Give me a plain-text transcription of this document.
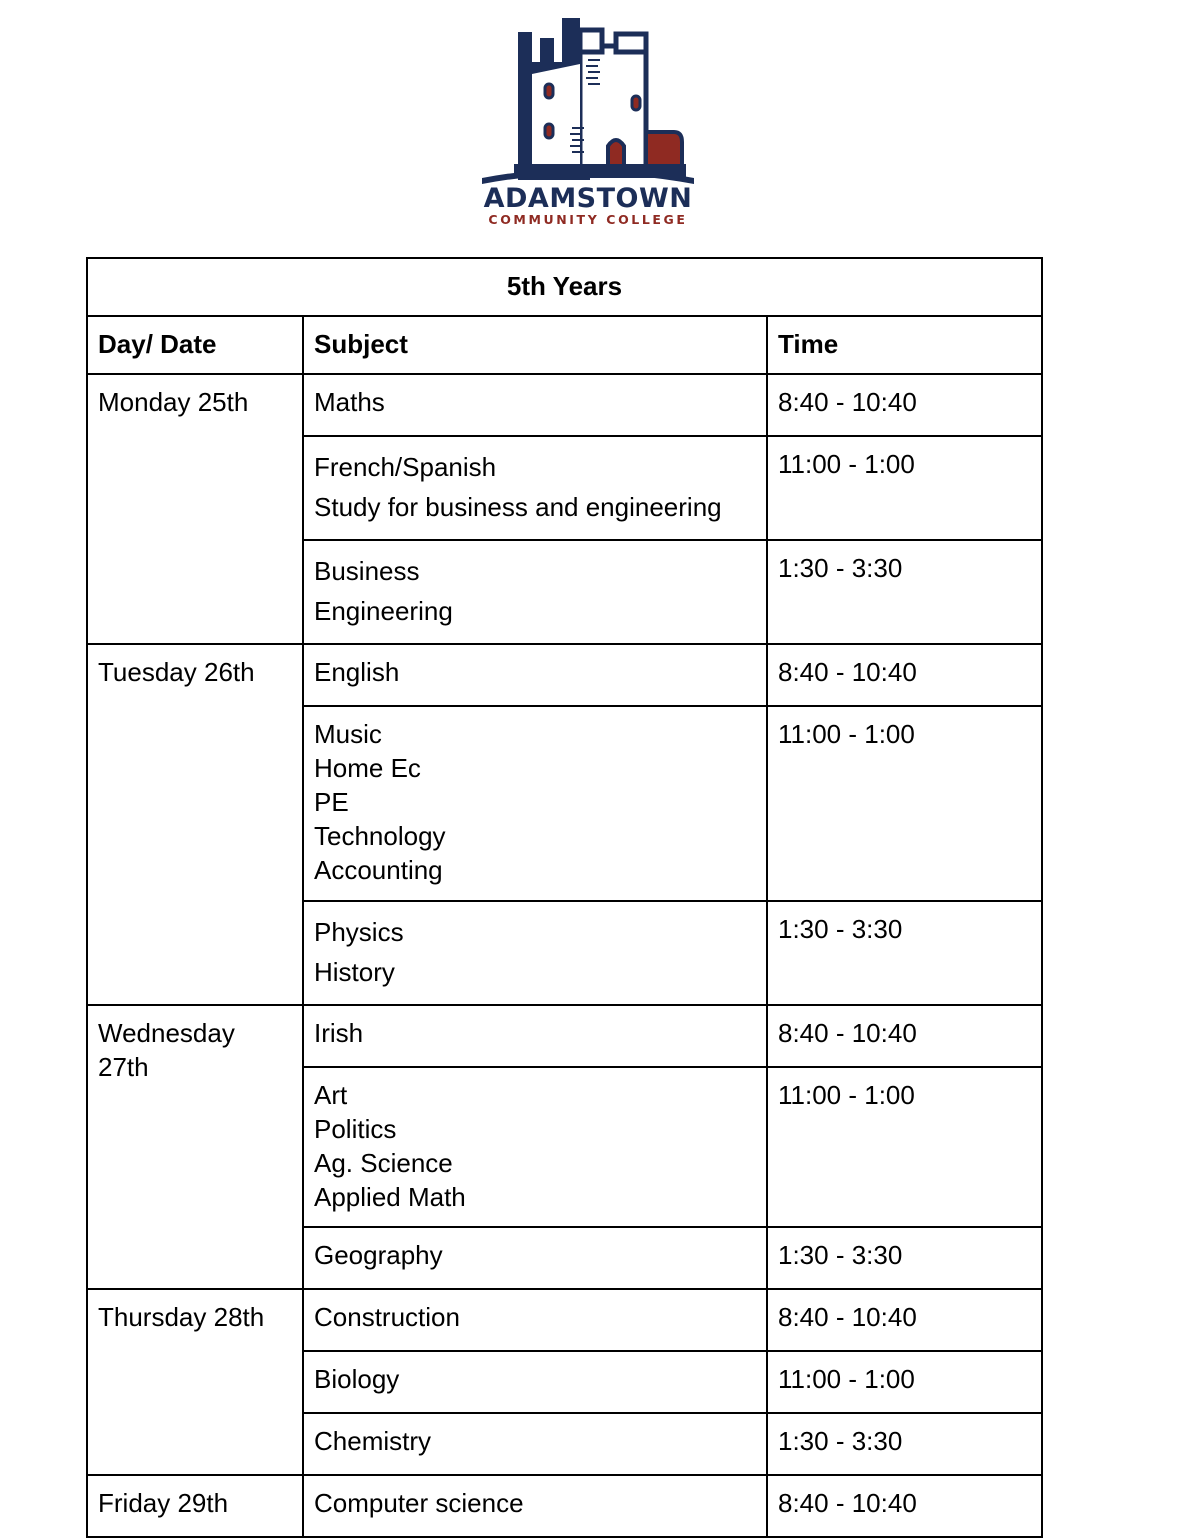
ADAMSTOWN
COMMUNITY COLLEGE
5th Years		
Day/ Date	Subject	Time
Monday 25th	Maths	8:40 - 10:40

	French/Spanish
Study for business and engineering	11:00 - 1:00

	Business
Engineering	1:30 - 3:30
Tuesday 26th	English	8:40 - 10:40

	Music
Home Ec
PE
Technology
Accounting	11:00 - 1:00

	Physics
History	1:30 - 3:30

Wednesday
27th	Irish	8:40 - 10:40

	Art
Politics
Ag. Science
Applied Math	11:00 - 1:00

	Geography	1:30 - 3:30
Thursday 28th	Construction	8:40 - 10:40

	Biology	11:00 - 1:00

	Chemistry	1:30 - 3:30
Friday 29th	Computer science	8:40 - 10:40
